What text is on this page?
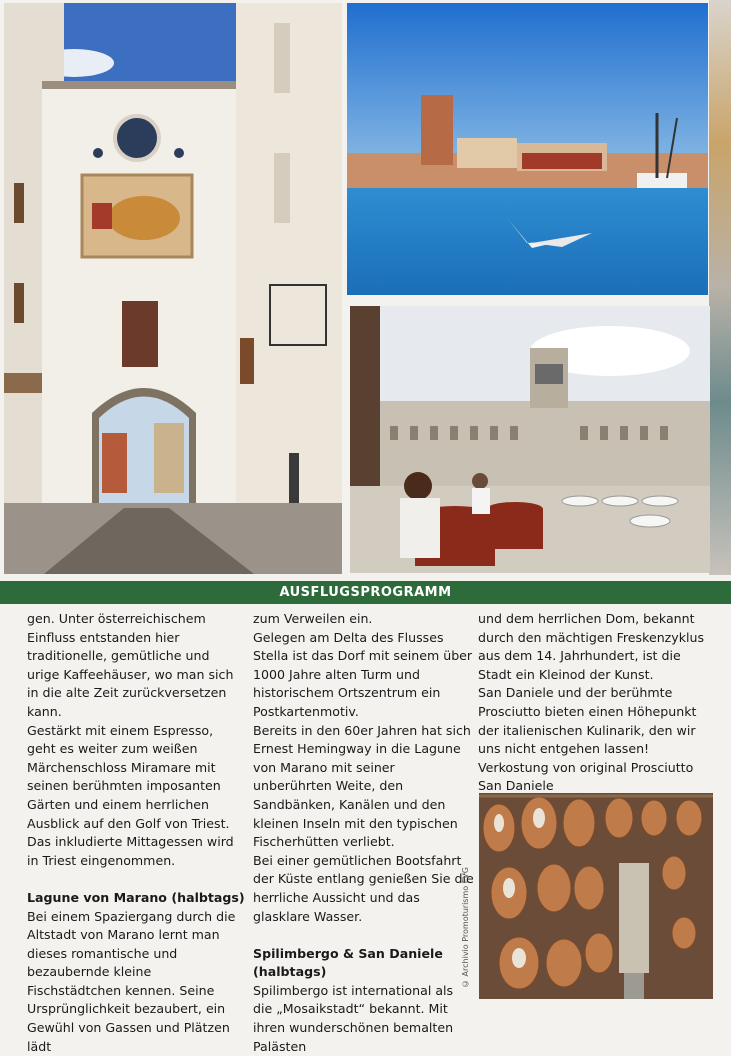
AUSFLUGSPROGRAMM

gen. Unter österreichischem Einfluss entstanden hier traditionelle, gemütliche und urige Kaffeehäuser, wo man sich in die alte Zeit zurückversetzen kann.

Gestärkt mit einem Espresso, geht es weiter zum weißen Märchenschloss Miramare mit seinen berühmten imposanten Gärten und einem herrlichen Ausblick auf den Golf von Triest.

Das inkludierte Mittagessen wird in Triest eingenommen.

Lagune von Marano (halbtags)

Bei einem Spaziergang durch die Altstadt von Marano lernt man dieses romantische und bezaubernde kleine Fischstädtchen kennen. Seine Ursprünglichkeit bezaubert, ein Gewühl von Gassen und Plätzen lädt

zum Verweilen ein.

Gelegen am Delta des Flusses Stella ist das Dorf mit seinem über 1000 Jahre alten Turm und historischem Ortszentrum ein Postkartenmotiv.

Bereits in den 60er Jahren hat sich Ernest Hemingway in die Lagune von Marano mit seiner unberührten Weite, den Sandbänken, Kanälen und den kleinen Inseln mit den typischen Fischerhütten verliebt.

Bei einer gemütlichen Bootsfahrt der Küste entlang genießen Sie die herrliche Aussicht und das glasklare Wasser.

Spilimbergo & San Daniele (halbtags)

Spilimbergo ist international als die „Mosaikstadt“ bekannt. Mit ihren wunderschönen bemalten Palästen

und dem herrlichen Dom, bekannt durch den mächtigen Freskenzyklus aus dem 14. Jahrhundert, ist die Stadt ein Kleinod der Kunst.

San Daniele und der berühmte Prosciutto bieten einen Höhepunkt der italienischen Kulinarik, den wir uns nicht entgehen lassen!

Verkostung von original Prosciutto San Daniele

© Archivio Promoturismo FVG
